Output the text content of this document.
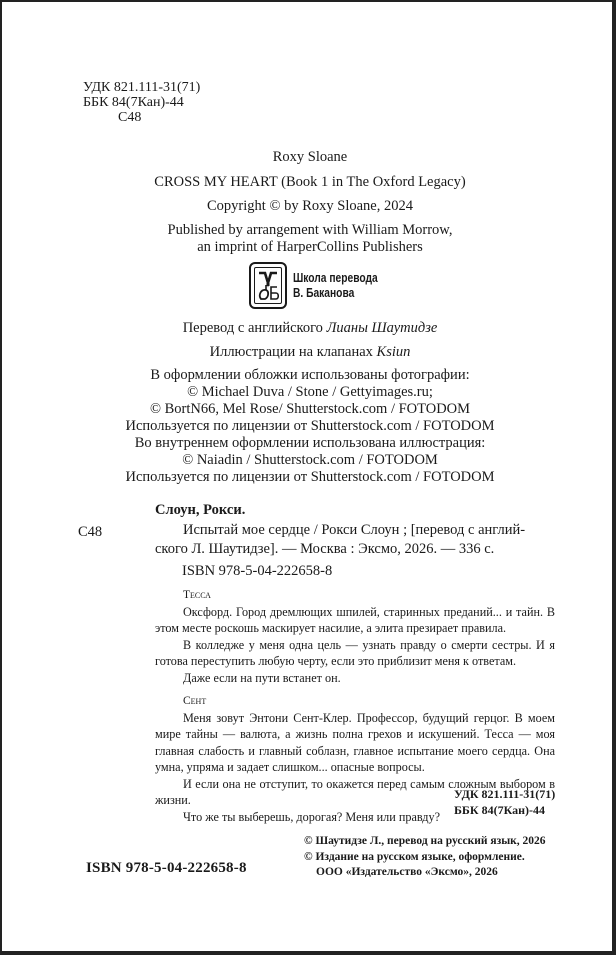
УДК 821.111-31(71)
ББК 84(7Кан)-44
С48
Roxy Sloane
CROSS MY HEART (Book 1 in The Oxford Legacy)
Copyright © by Roxy Sloane, 2024
Published by arrangement with William Morrow,
an imprint of HarperCollins Publishers
Школа перевода
В. Баканова
Перевод с английского Лианы Шаутидзе
Иллюстрации на клапанах Ksiun
В оформлении обложки использованы фотографии:
© Michael Duva / Stone / Gettyimages.ru;
© BortN66, Mel Rose/ Shutterstock.com / FOTODOM
Используется по лицензии от Shutterstock.com / FOTODOM
Во внутреннем оформлении использована иллюстрация:
© Naiadin / Shutterstock.com / FOTODOM
Используется по лицензии от Shutterstock.com / FOTODOM
Слоун, Рокси.
С48	Испытай мое сердце / Рокси Слоун ; [перевод с англий-
ского Л. Шаутидзе]. — Москва : Эксмо, 2026. — 336 с.
ISBN 978-5-04-222658-8

Тесса

Оксфорд. Город дремлющих шпилей, старинных преданий... и тайн. В этом месте роскошь маскирует насилие, а элита презирает правила.

В колледже у меня одна цель — узнать правду о смерти сестры. И я готова переступить любую черту, если это приблизит меня к ответам.

Даже если на пути встанет он.

Сент

Меня зовут Энтони Сент-Клер. Профессор, будущий герцог. В моем мире тайны — валюта, а жизнь полна грехов и искушений. Тесса — моя главная слабость и главный соблазн, главное испытание моего сердца. Она умна, упряма и задает слишком... опасные вопросы.

И если она не отступит, то окажется перед самым сложным выбором в жизни.

Что же ты выберешь, дорогая? Меня или правду?

УДК 821.111-31(71)
ББК 84(7Кан)-44
ISBN 978-5-04-222658-8
© Шаутидзе Л., перевод на русский язык, 2026
© Издание на русском языке, оформление.
ООО «Издательство «Эксмо», 2026
